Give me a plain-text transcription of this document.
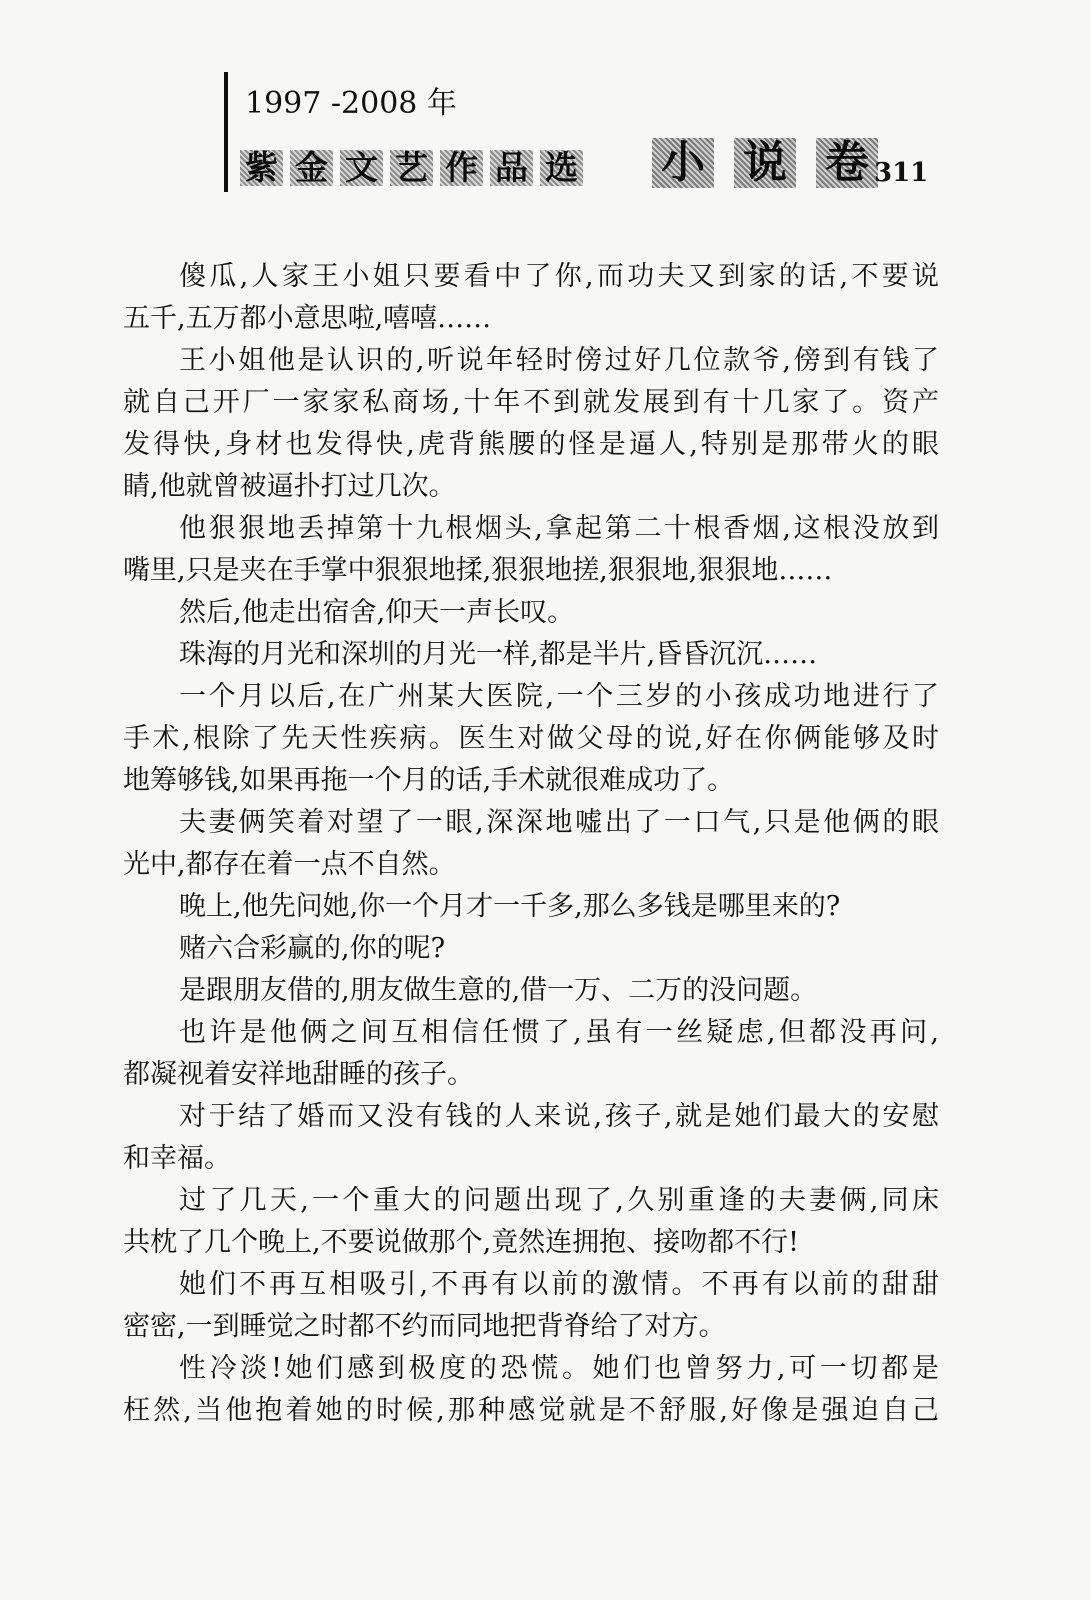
1997 -2008 年
紫 金 文 艺 作 品 选 小 说 卷 311
傻瓜,人家王小姐只要看中了你,而功夫又到家的话,不要说
五千,五万都小意思啦,嘻嘻……
王小姐他是认识的,听说年轻时傍过好几位款爷,傍到有钱了
就自己开厂一家家私商场,十年不到就发展到有十几家了。资产
发得快,身材也发得快,虎背熊腰的怪是逼人,特别是那带火的眼
睛,他就曾被逼扑打过几次。
他狠狠地丢掉第十九根烟头,拿起第二十根香烟,这根没放到
嘴里,只是夹在手掌中狠狠地揉,狠狠地搓,狠狠地,狠狠地……
然后,他走出宿舍,仰天一声长叹。
珠海的月光和深圳的月光一样,都是半片,昏昏沉沉……
一个月以后,在广州某大医院,一个三岁的小孩成功地进行了
手术,根除了先天性疾病。医生对做父母的说,好在你俩能够及时
地筹够钱,如果再拖一个月的话,手术就很难成功了。
夫妻俩笑着对望了一眼,深深地嘘出了一口气,只是他俩的眼
光中,都存在着一点不自然。
晚上,他先问她,你一个月才一千多,那么多钱是哪里来的?
赌六合彩赢的,你的呢?
是跟朋友借的,朋友做生意的,借一万、二万的没问题。
也许是他俩之间互相信任惯了,虽有一丝疑虑,但都没再问,
都凝视着安祥地甜睡的孩子。
对于结了婚而又没有钱的人来说,孩子,就是她们最大的安慰
和幸福。
过了几天,一个重大的问题出现了,久别重逢的夫妻俩,同床
共枕了几个晚上,不要说做那个,竟然连拥抱、接吻都不行!
她们不再互相吸引,不再有以前的激情。不再有以前的甜甜
密密,一到睡觉之时都不约而同地把背脊给了对方。
性冷淡!她们感到极度的恐慌。她们也曾努力,可一切都是
枉然,当他抱着她的时候,那种感觉就是不舒服,好像是强迫自己
